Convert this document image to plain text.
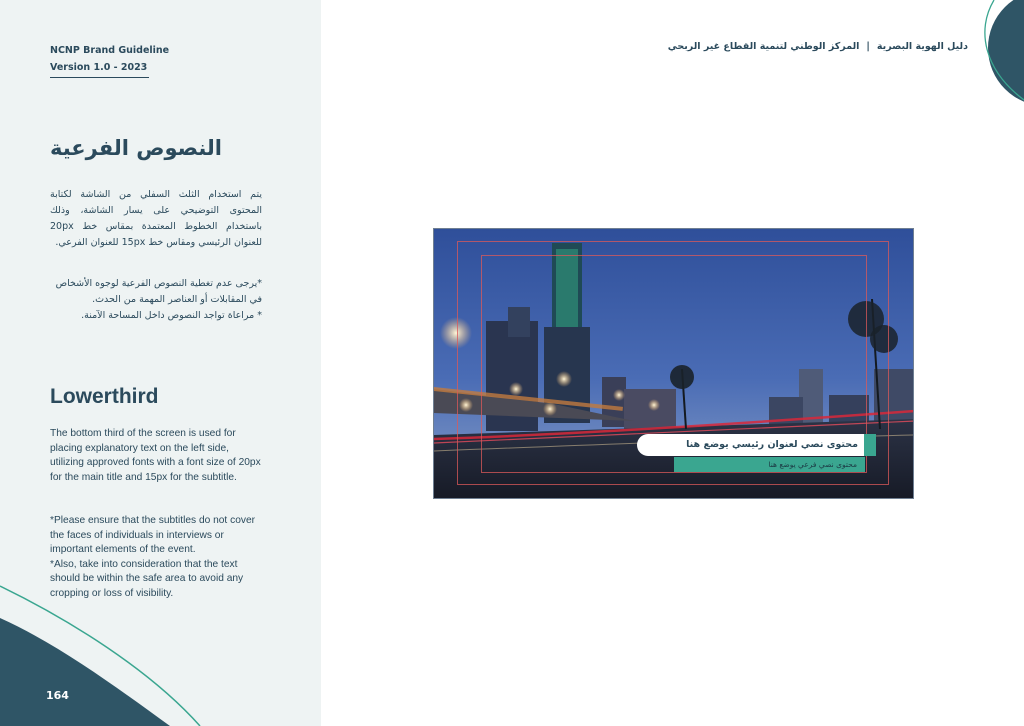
NCNP Brand Guideline
Version 1.0 - 2023
النصوص الفرعية
يتم استخدام الثلث السفلي من الشاشة لكتابة المحتوى التوضيحي على يسار الشاشة، وذلك باستخدام الخطوط المعتمدة بمقاس خط 20px للعنوان الرئيسي ومقاس خط 15px للعنوان الفرعي.
*يرجى عدم تغطية النصوص الفرعية لوجوه الأشخاص في المقابلات أو العناصر المهمة من الحدث.
* مراعاة تواجد النصوص داخل المساحة الآمنة.
Lowerthird
The bottom third of the screen is used for placing explanatory text on the left side, utilizing approved fonts with a font size of 20px for the main title and 15px for the subtitle.
*Please ensure that the subtitles do not cover the faces of individuals in interviews or important elements of the event.
*Also, take into consideration that the text should be within the safe area to avoid any cropping or loss of visibility.
164
دليل الهوية البصرية|المركز الوطني لتنمية القطاع غير الربحي
محتوى نصي لعنوان رئيسي يوضع هنا
محتوى نصي فرعي يوضع هنا
